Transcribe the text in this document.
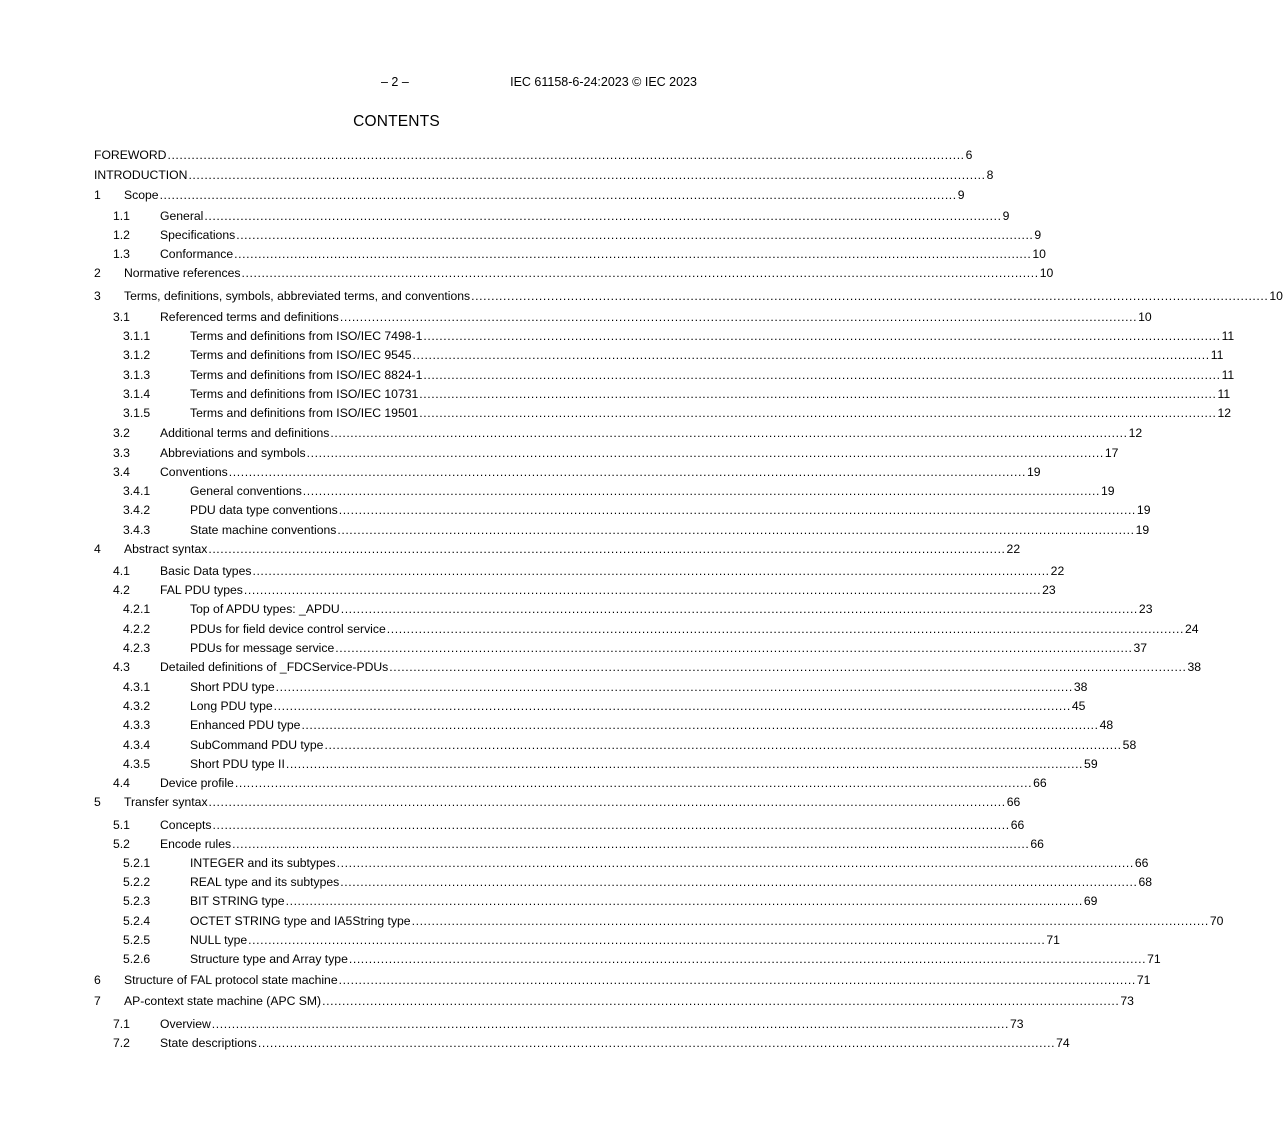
– 2 –	IEC 61158-6-24:2023 © IEC 2023
CONTENTS
FOREWORD ........................................................................................................................................................................................................ 6
INTRODUCTION ........................................................................................................................................................................................................ 8
1	Scope ........................................................................................................................................................................................................ 9
1.1	General ........................................................................................................................................................................................................ 9
1.2	Specifications ........................................................................................................................................................................................................ 9
1.3	Conformance ........................................................................................................................................................................................................ 10
2	Normative references ........................................................................................................................................................................................................ 10
3	Terms, definitions, symbols, abbreviated terms, and conventions ........................................................................................................................................................................................................ 10
3.1	Referenced terms and definitions ........................................................................................................................................................................................................ 10
3.1.1	Terms and definitions from ISO/IEC 7498-1 ........................................................................................................................................................................................................ 11
3.1.2	Terms and definitions from ISO/IEC 9545 ........................................................................................................................................................................................................ 11
3.1.3	Terms and definitions from ISO/IEC 8824-1 ........................................................................................................................................................................................................ 11
3.1.4	Terms and definitions from ISO/IEC 10731 ........................................................................................................................................................................................................ 11
3.1.5	Terms and definitions from ISO/IEC 19501 ........................................................................................................................................................................................................ 12
3.2	Additional terms and definitions ........................................................................................................................................................................................................ 12
3.3	Abbreviations and symbols ........................................................................................................................................................................................................ 17
3.4	Conventions ........................................................................................................................................................................................................ 19
3.4.1	General conventions ........................................................................................................................................................................................................ 19
3.4.2	PDU data type conventions ........................................................................................................................................................................................................ 19
3.4.3	State machine conventions ........................................................................................................................................................................................................ 19
4	Abstract syntax ........................................................................................................................................................................................................ 22
4.1	Basic Data types ........................................................................................................................................................................................................ 22
4.2	FAL PDU types ........................................................................................................................................................................................................ 23
4.2.1	Top of APDU types: _APDU ........................................................................................................................................................................................................ 23
4.2.2	PDUs for field device control service ........................................................................................................................................................................................................ 24
4.2.3	PDUs for message service ........................................................................................................................................................................................................ 37
4.3	Detailed definitions of _FDCService-PDUs ........................................................................................................................................................................................................ 38
4.3.1	Short PDU type ........................................................................................................................................................................................................ 38
4.3.2	Long PDU type ........................................................................................................................................................................................................ 45
4.3.3	Enhanced PDU type ........................................................................................................................................................................................................ 48
4.3.4	SubCommand PDU type ........................................................................................................................................................................................................ 58
4.3.5	Short PDU type II ........................................................................................................................................................................................................ 59
4.4	Device profile ........................................................................................................................................................................................................ 66
5	Transfer syntax ........................................................................................................................................................................................................ 66
5.1	Concepts ........................................................................................................................................................................................................ 66
5.2	Encode rules ........................................................................................................................................................................................................ 66
5.2.1	INTEGER and its subtypes ........................................................................................................................................................................................................ 66
5.2.2	REAL type and its subtypes ........................................................................................................................................................................................................ 68
5.2.3	BIT STRING type ........................................................................................................................................................................................................ 69
5.2.4	OCTET STRING type and IA5String type ........................................................................................................................................................................................................ 70
5.2.5	NULL type ........................................................................................................................................................................................................ 71
5.2.6	Structure type and Array type ........................................................................................................................................................................................................ 71
6	Structure of FAL protocol state machine ........................................................................................................................................................................................................ 71
7	AP-context state machine (APC SM) ........................................................................................................................................................................................................ 73
7.1	Overview ........................................................................................................................................................................................................ 73
7.2	State descriptions ........................................................................................................................................................................................................ 74
